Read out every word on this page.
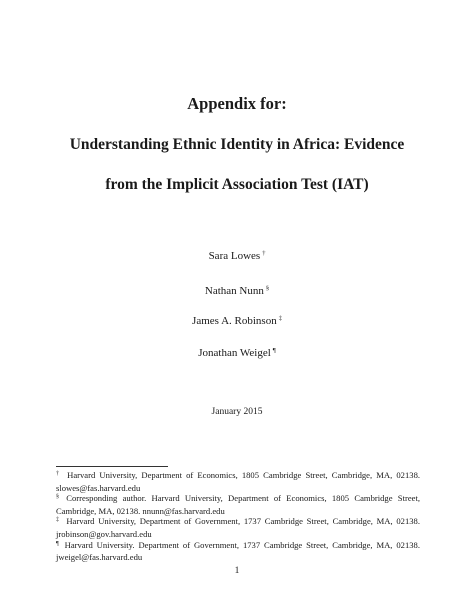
Appendix for:
Understanding Ethnic Identity in Africa: Evidence
from the Implicit Association Test (IAT)
Sara Lowes †
Nathan Nunn §
James A. Robinson ‡
Jonathan Weigel ¶
January 2015
† Harvard University, Department of Economics, 1805 Cambridge Street, Cambridge, MA, 02138. slowes@fas.harvard.edu
§ Corresponding author. Harvard University, Department of Economics, 1805 Cambridge Street, Cambridge, MA, 02138. nnunn@fas.harvard.edu
‡ Harvard University, Department of Government, 1737 Cambridge Street, Cambridge, MA, 02138. jrobinson@gov.harvard.edu
¶ Harvard University. Department of Government, 1737 Cambridge Street, Cambridge, MA, 02138. jweigel@fas.harvard.edu
1
